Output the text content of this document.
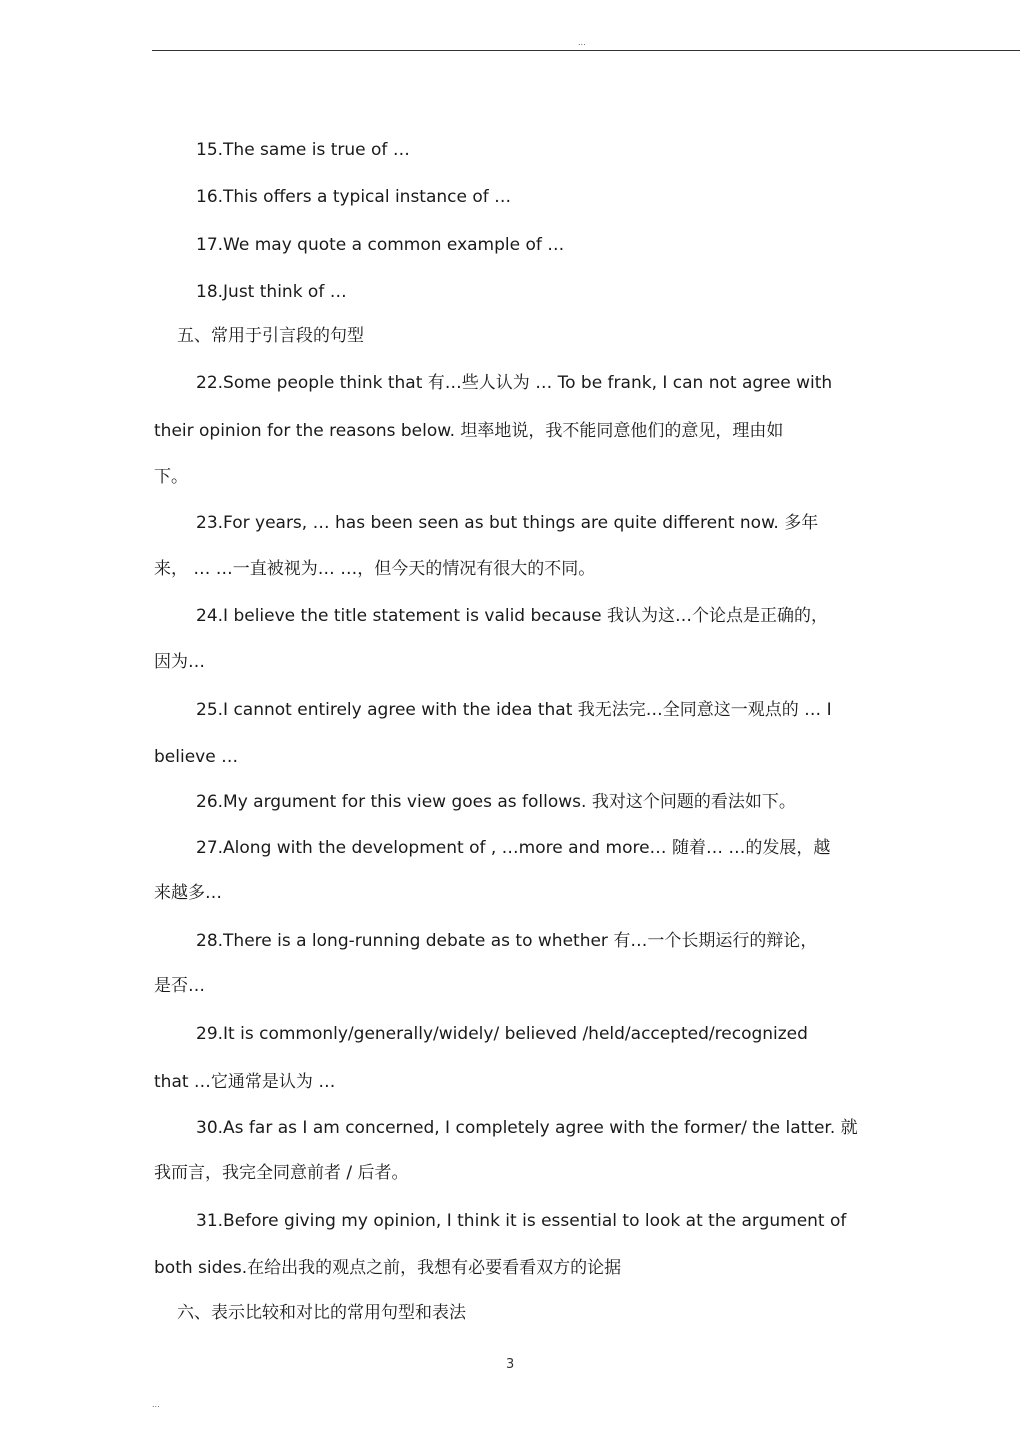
...
15.The same is true of …
16.This offers a typical instance of …
17.We may quote a common example of …
18.Just think of …
五、常用于引言段的句型
22.Some people think that 有…些人认为 … To be frank, I can not agree with
their opinion for the reasons below. 坦率地说，我不能同意他们的意见，理由如
下。
23.For years, … has been seen as but things are quite different now. 多年
来， … …一直被视为… …，但今天的情况有很大的不同。
24.I believe the title statement is valid because 我认为这…个论点是正确的，
因为…
25.I cannot entirely agree with the idea that 我无法完…全同意这一观点的 … I
believe …
26.My argument for this view goes as follows. 我对这个问题的看法如下。
27.Along with the development of , …more and more… 随着… …的发展，越
来越多…
28.There is a long-running debate as to whether 有…一个长期运行的辩论，
是否…
29.It is commonly/generally/widely/ believed /held/accepted/recognized
that …它通常是认为 …
30.As far as I am concerned, I completely agree with the former/ the latter. 就
我而言，我完全同意前者 / 后者。
31.Before giving my opinion, I think it is essential to look at the argument of
both sides.在给出我的观点之前，我想有必要看看双方的论据
六、表示比较和对比的常用句型和表法
3
...
